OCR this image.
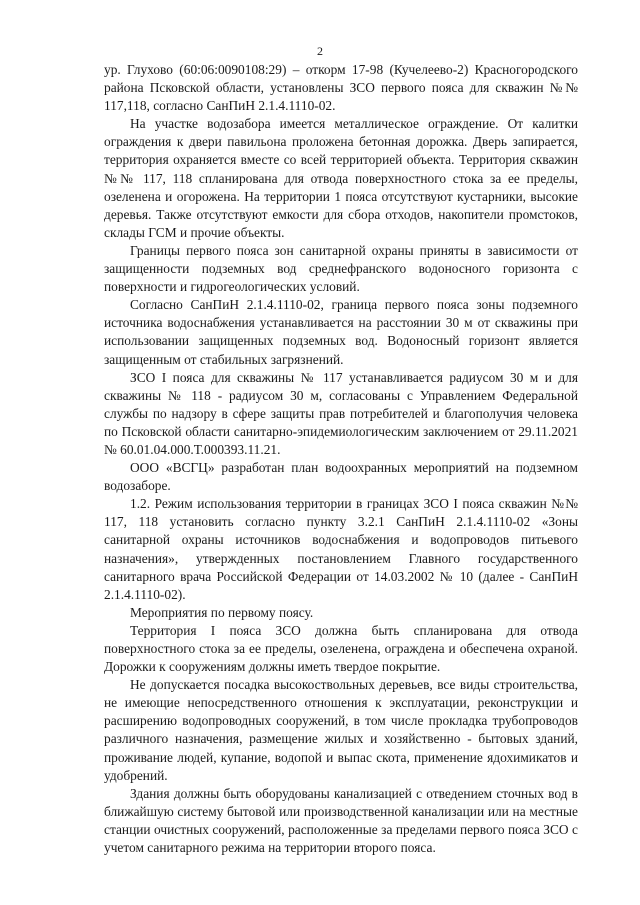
2

ур. Глухово (60:06:0090108:29) – откорм 17-98 (Кучелеево-2) Красногородского района Псковской области, установлены ЗСО первого пояса для скважин №№ 117,118, согласно СанПиН 2.1.4.1110-02.

На участке водозабора имеется металлическое ограждение. От калитки ограждения к двери павильона проложена бетонная дорожка. Дверь запирается, территория охраняется вместе со всей территорией объекта. Территория скважин №№ 117, 118 спланирована для отвода поверхностного стока за ее пределы, озеленена и огорожена. На территории 1 пояса отсутствуют кустарники, высокие деревья. Также отсутствуют емкости для сбора отходов, накопители промстоков, склады ГСМ и прочие объекты.

Границы первого пояса зон санитарной охраны приняты в зависимости от защищенности подземных вод среднефранского водоносного горизонта с поверхности и гидрогеологических условий.

Согласно СанПиН 2.1.4.1110-02, граница первого пояса зоны подземного источника водоснабжения устанавливается на расстоянии 30 м от скважины при использовании защищенных подземных вод. Водоносный горизонт является защищенным от стабильных загрязнений.

ЗСО I пояса для скважины № 117 устанавливается радиусом 30 м и для скважины № 118 - радиусом 30 м, согласованы с Управлением Федеральной службы по надзору в сфере защиты прав потребителей и благополучия человека по Псковской области санитарно-эпидемиологическим заключением от 29.11.2021 № 60.01.04.000.Т.000393.11.21.

ООО «ВСГЦ» разработан план водоохранных мероприятий на подземном водозаборе.

1.2. Режим использования территории в границах ЗСО I пояса скважин №№ 117, 118 установить согласно пункту 3.2.1 СанПиН 2.1.4.1110-02 «Зоны санитарной охраны источников водоснабжения и водопроводов питьевого назначения», утвержденных постановлением Главного государственного санитарного врача Российской Федерации от 14.03.2002 № 10 (далее - СанПиН 2.1.4.1110-02).

Мероприятия по первому поясу.

Территория I пояса ЗСО должна быть спланирована для отвода поверхностного стока за ее пределы, озеленена, ограждена и обеспечена охраной. Дорожки к сооружениям должны иметь твердое покрытие.

Не допускается посадка высокоствольных деревьев, все виды строительства, не имеющие непосредственного отношения к эксплуатации, реконструкции и расширению водопроводных сооружений, в том числе прокладка трубопроводов различного назначения, размещение жилых и хозяйственно - бытовых зданий, проживание людей, купание, водопой и выпас скота, применение ядохимикатов и удобрений.

Здания должны быть оборудованы канализацией с отведением сточных вод в ближайшую систему бытовой или производственной канализации или на местные станции очистных сооружений, расположенные за пределами первого пояса ЗСО с учетом санитарного режима на территории второго пояса.
